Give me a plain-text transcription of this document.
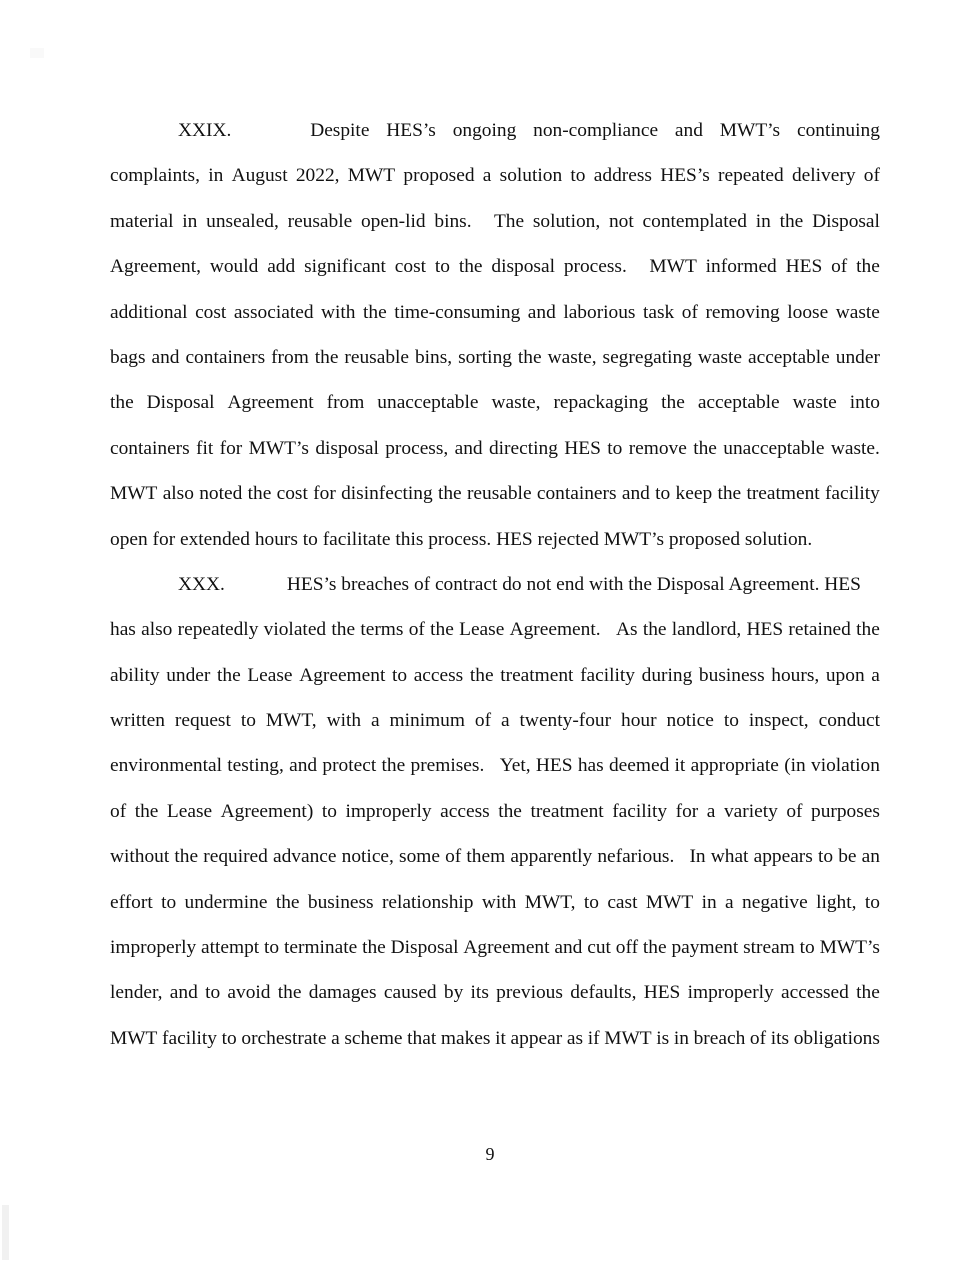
XXIX.	Despite HES’s ongoing non-compliance and MWT’s continuing
complaints, in August 2022, MWT proposed a solution to address HES’s repeated delivery of
material in unsealed, reusable open-lid bins.
The solution, not contemplated in the Disposal
Agreement, would add significant cost to the disposal process.
MWT informed HES of the
additional cost associated with the time-consuming and laborious task of removing loose waste
bags and containers from the reusable bins, sorting the waste, segregating waste acceptable under
the Disposal Agreement from unacceptable waste, repackaging the acceptable waste into
containers fit for MWT’s disposal process, and directing HES to remove the unacceptable waste.
MWT also noted the cost for disinfecting the reusable containers and to keep the treatment facility
open for extended hours to facilitate this process. HES rejected MWT’s proposed solution.
XXX.	HES’s breaches of contract do not end with the Disposal Agreement. HES
has also repeatedly violated the terms of the Lease Agreement.
As the landlord, HES retained the
ability under the Lease Agreement to access the treatment facility during business hours, upon a
written request to MWT, with a minimum of a twenty-four hour notice to inspect, conduct
environmental testing, and protect the premises.
Yet, HES has deemed it appropriate (in violation
of the Lease Agreement) to improperly access the treatment facility for a variety of purposes
without the required advance notice, some of them apparently nefarious.
In what appears to be an
effort to undermine the business relationship with MWT, to cast MWT in a negative light, to
improperly attempt to terminate the Disposal Agreement and cut off the payment stream to MWT’s
lender, and to avoid the damages caused by its previous defaults, HES improperly accessed the
MWT facility to orchestrate a scheme that makes it appear as if MWT is in breach of its obligations
9
